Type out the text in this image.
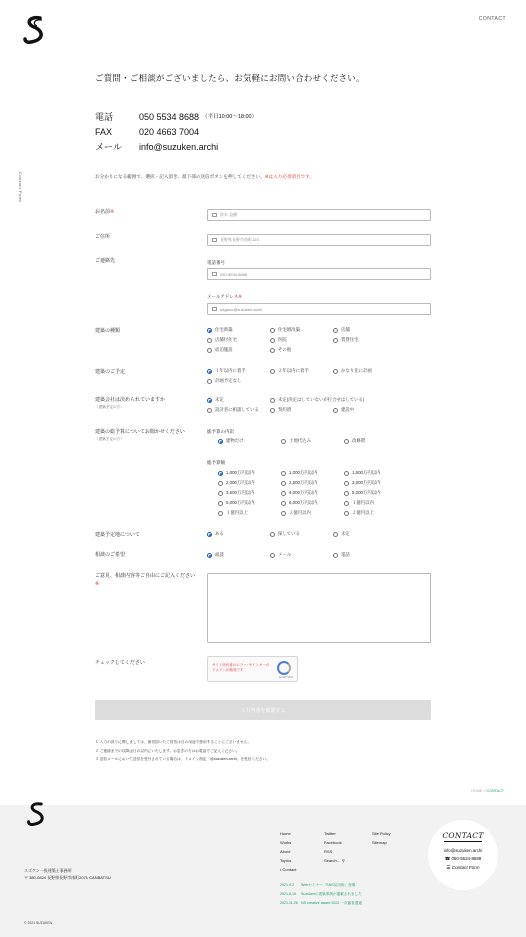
CONTACT
Contact Form
ご質問・ご相談がございましたら、お気軽にお問い合わせください。
電話	050 5534 8688 （平日10:00〜18:00）
FAX	020 4663 7004
メール	info@suzuken.archi
お分かりになる範囲で、選択・記入頂き、最下部の送信ボタンを押してください。※は入力必須項目です。
お名前※	鈴木 直樹
ご住所	長野県長野市南町123
ご連絡先	電話番号
050-5534-8688
メールアドレス※
nagano@suzuken.archi
建築の種類	住宅新築	住宅増改築	店舗
店舗付住宅	医院	賃貸住宅
宿泊施設	その他
建築のご予定	１年以内に着手	２年以内に着手	かなり先に計画
計画予定なし
建築会社は決められていますか
（建築予定の方）
未定	未定(決定はしていないが打合せはしている)
設計者に相談している	契約済	建設中
建築の総予算についてお聞かせください
（建築予定の方）
総予算の内訳
建物だけ	土地代込み	改修費
総予算額
1,000万円以内	1,000万円以内	1,500万円以内
2,000万円以内	2,500万円以内	3,000万円以内
3,500万円以内	4,000万円以内	5,000万円以内
5,000万円以内	6,000万円以内	１億円以内
１億円以上	２億円以内	２億円以上
建築予定地について	ある	探している	未定
相談のご希望	面談	メール	電話
ご意見、相談内容等ご自由にご記入ください※
チェックしてください	サイト所有者のエラー: サイトキーのドメインが無効です
reCAPTCHA
入力内容を確認する
１ 入力の誤りに関しましては、最初頂いたご回答は白の用途で使用することにございません。
２ ご連絡までの以降ば日の以内にいたします。お急ぎの方はお電話でご記入ください。
３ 送信メールにおいて送信を受付されている場合は、ドメイン指定「@suzuken.archi」を受信ください。
HOME > CONTACT
スズケン一級建築士事務所
〒 380-0824 長野県長野市南町2071 CANBATSU
© 2021 SUZUKEN
Home
Works
About
Topics
• Contact
Twitter
Facebook
RSS
Search… ⚲
Site Policy
Sitemap
2021.9.2 Webセミナー「SNS活用術」登壇
2021.8.19 Suzukenの建築事例が掲載されました
2021.11.26 NS creative award 2022 一次審査通過
CONTACT
info@suzuken.archi
☎ 050-5534-8688
☰ Contact Form
